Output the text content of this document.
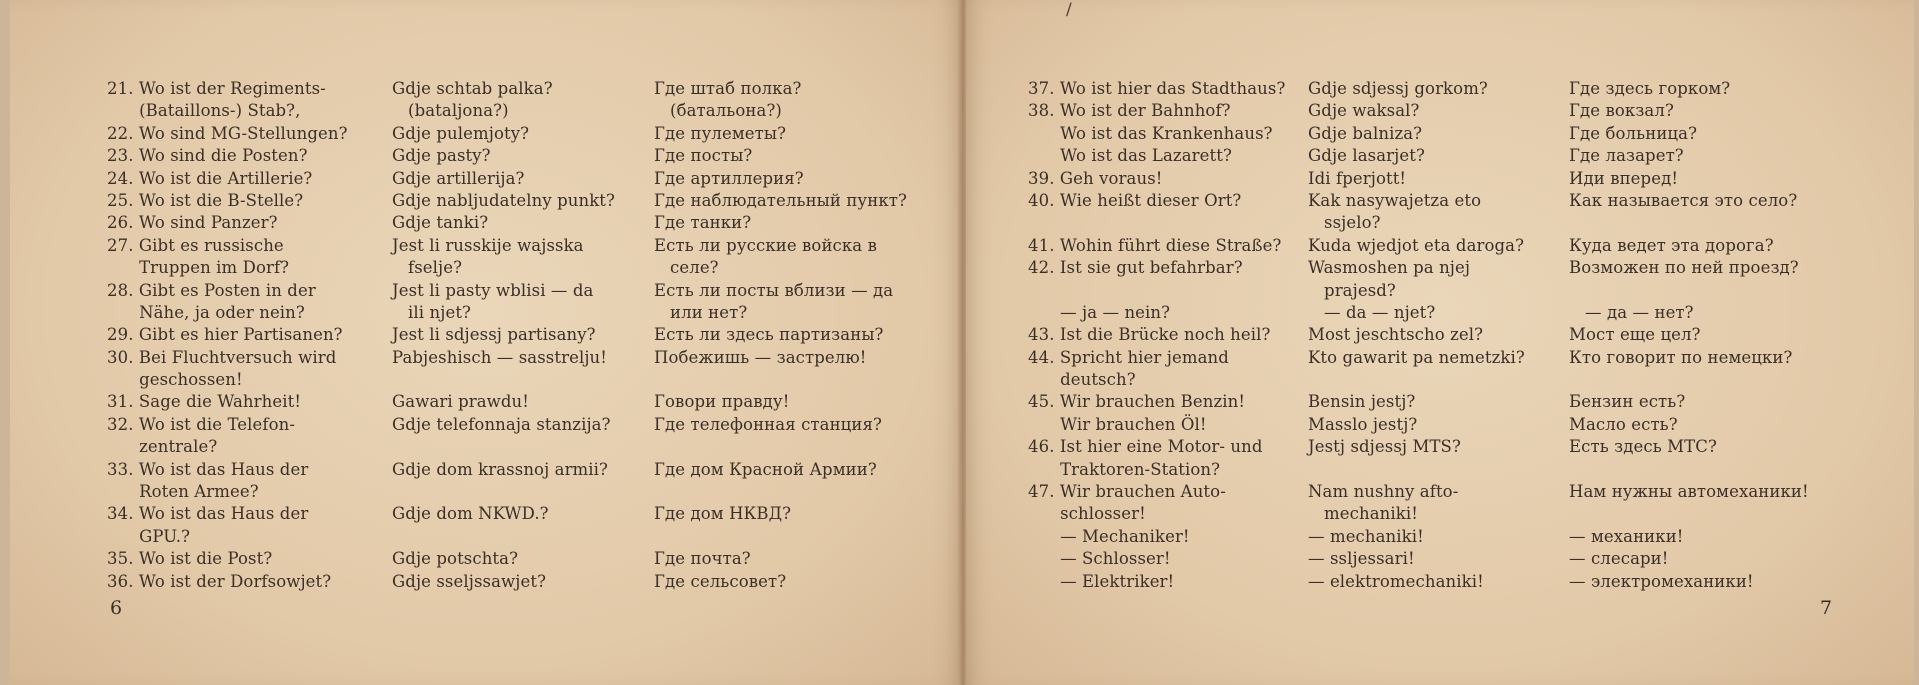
21. Wo ist der Regiments-
(Bataillons-) Stab?,
22. Wo sind MG-Stellungen?
23. Wo sind die Posten?
24. Wo ist die Artillerie?
25. Wo ist die B-Stelle?
26. Wo sind Panzer?
27. Gibt es russische
Truppen im Dorf?
28. Gibt es Posten in der
Nähe, ja oder nein?
29. Gibt es hier Partisanen?
30. Bei Fluchtversuch wird
geschossen!
31. Sage die Wahrheit!
32. Wo ist die Telefon-
zentrale?
33. Wo ist das Haus der
Roten Armee?
34. Wo ist das Haus der
GPU.?
35. Wo ist die Post?
36. Wo ist der Dorfsowjet?
Gdje schtab palka?
(bataljona?)
Gdje pulemjoty?
Gdje pasty?
Gdje artillerija?
Gdje nabljudatelny punkt?
Gdje tanki?
Jest li russkije wajsska
fselje?
Jest li pasty wblisi — da
ili njet?
Jest li sdjessj partisany?
Pabjeshisch — sasstrelju!
Gawari prawdu!
Gdje telefonnaja stanzija?
Gdje dom krassnoj armii?
Gdje dom NKWD.?
Gdje potschta?
Gdje sseljssawjet?
Где штаб полка?
(батальона?)
Где пулеметы?
Где посты?
Где артиллерия?
Где наблюдательный пункт?
Где танки?
Есть ли русские войска в
селе?
Есть ли посты вблизи — да
или нет?
Есть ли здесь партизаны?
Побежишь — застрелю!
Говори правду!
Где телефонная станция?
Где дом Красной Армии?
Где дом НКВД?
Где почта?
Где сельсовет?
6
/
37. Wo ist hier das Stadthaus?
38. Wo ist der Bahnhof?
Wo ist das Krankenhaus?
Wo ist das Lazarett?
39. Geh voraus!
40. Wie heißt dieser Ort?
41. Wohin führt diese Straße?
42. Ist sie gut befahrbar?
— ja — nein?
43. Ist die Brücke noch heil?
44. Spricht hier jemand
deutsch?
45. Wir brauchen Benzin!
Wir brauchen Öl!
46. Ist hier eine Motor- und
Traktoren-Station?
47. Wir brauchen Auto-
schlosser!
— Mechaniker!
— Schlosser!
— Elektriker!
Gdje sdjessj gorkom?
Gdje waksal?
Gdje balniza?
Gdje lasarjet?
Idi fperjott!
Kak nasywajetza eto
ssjelo?
Kuda wjedjot eta daroga?
Wasmoshen pa njej
prajesd?
— da — njet?
Most jeschtscho zel?
Kto gawarit pa nemetzki?
Bensin jestj?
Masslo jestj?
Jestj sdjessj MTS?
Nam nushny afto-
mechaniki!
— mechaniki!
— ssljessari!
— elektromechaniki!
Где здесь горком?
Где вокзал?
Где больница?
Где лазарет?
Иди вперед!
Как называется это село?
Куда ведет эта дорога?
Возможен по ней проезд?
— да — нет?
Мост еще цел?
Кто говорит по немецки?
Бензин есть?
Масло есть?
Есть здесь МТС?
Нам нужны автомеханики!
— механики!
— слесари!
— электромеханики!
7
